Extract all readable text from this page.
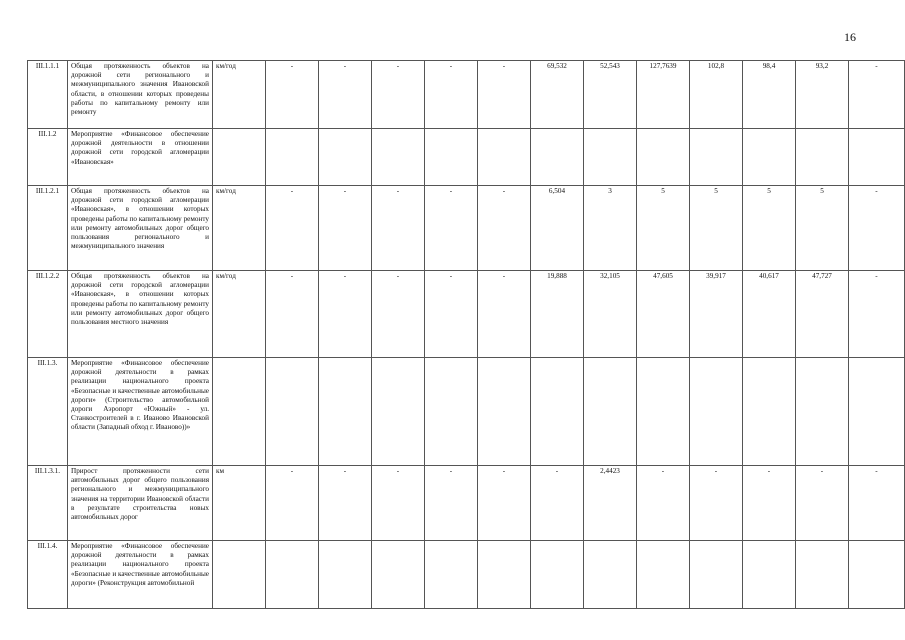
16
III.1.1.1	Общая протяженность объектов на дорожной сети регионального и межмуниципального значения Ивановской области, в отношении которых проведены работы по капитальному ремонту или ремонту	км/год	-	-	-	-	-	69,532	52,543	127,7639	102,8	98,4	93,2	-
III.1.2	Мероприятие «Финансовое обеспечение дорожной деятельности в отношении дорожной сети городской агломерации «Ивановская»													
III.1.2.1	Общая протяженность объектов на дорожной сети городской агломерации «Ивановская», в отношении которых проведены работы по капитальному ремонту или ремонту автомобильных дорог общего пользования регионального и межмуниципального значения	км/год	-	-	-	-	-	6,504	3	5	5	5	5	-
III.1.2.2	Общая протяженность объектов на дорожной сети городской агломерации «Ивановская», в отношении которых проведены работы по капитальному ремонту или ремонту автомобильных дорог общего пользования местного значения	км/год	-	-	-	-	-	19,888	32,105	47,605	39,917	40,617	47,727	-
III.1.3.	Мероприятие «Финансовое обеспечение дорожной деятельности в рамках реализации национального проекта «Безопасные и качественные автомобильные дороги» (Строительство автомобильной дороги Аэропорт «Южный» - ул. Станкостроителей в г. Иваново Ивановской области (Западный обход г. Иваново))»													
III.1.3.1.	Прирост протяженности сети автомобильных дорог общего пользования регионального и межмуниципального значения на территории Ивановской области в результате строительства новых автомобильных дорог	км	-	-	-	-	-	-	2,4423	-	-	-	-	-
III.1.4.	Мероприятие «Финансовое обеспечение дорожной деятельности в рамках реализации национального проекта «Безопасные и качественные автомобильные дороги» (Реконструкция автомобильной													
